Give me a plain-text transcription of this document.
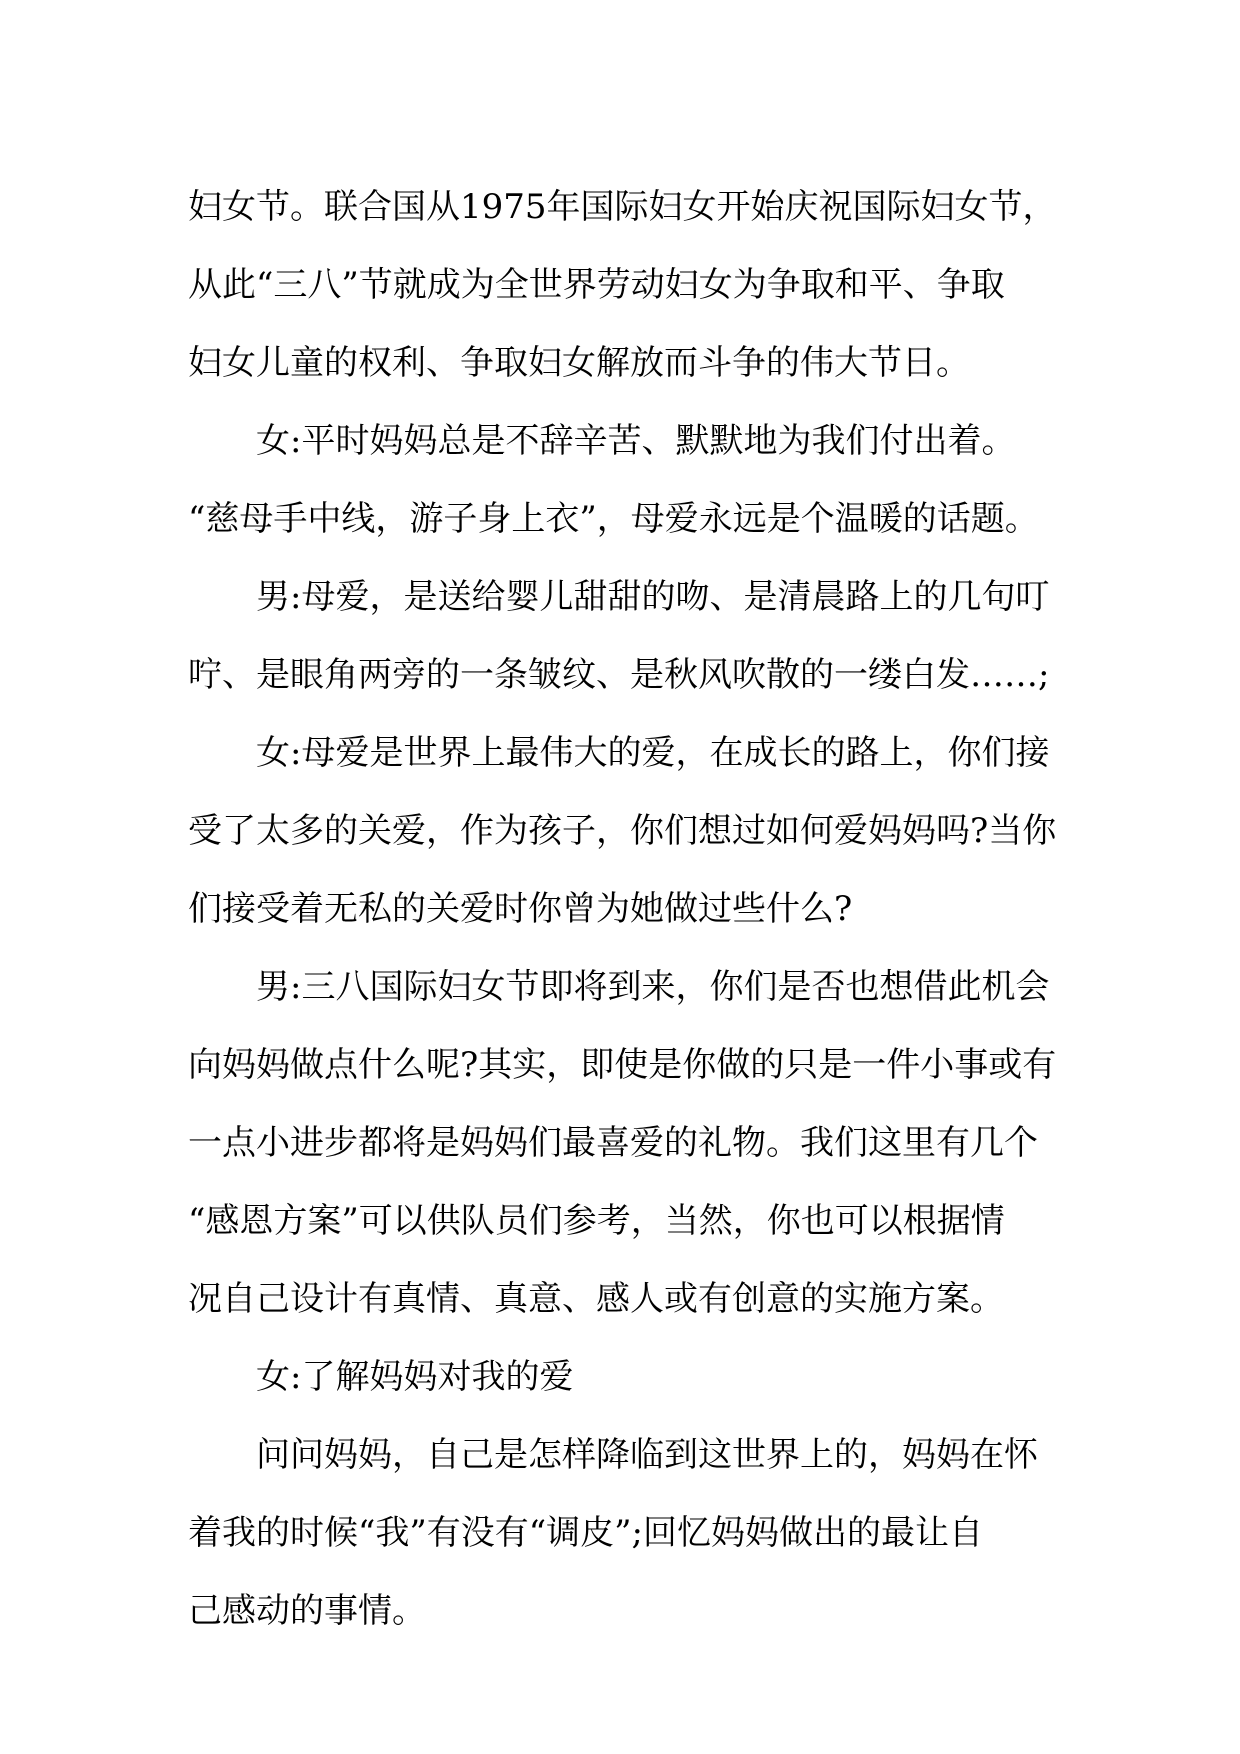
妇女节。联合国从1975年国际妇女开始庆祝国际妇女节，
从此“三八”节就成为全世界劳动妇女为争取和平、争取
妇女儿童的权利、争取妇女解放而斗争的伟大节日。
女:平时妈妈总是不辞辛苦、默默地为我们付出着。
“慈母手中线，游子身上衣”，母爱永远是个温暖的话题。
男:母爱，是送给婴儿甜甜的吻、是清晨路上的几句叮
咛、是眼角两旁的一条皱纹、是秋风吹散的一缕白发……;
女:母爱是世界上最伟大的爱，在成长的路上，你们接
受了太多的关爱，作为孩子，你们想过如何爱妈妈吗?当你
们接受着无私的关爱时你曾为她做过些什么?
男:三八国际妇女节即将到来，你们是否也想借此机会
向妈妈做点什么呢?其实，即使是你做的只是一件小事或有
一点小进步都将是妈妈们最喜爱的礼物。我们这里有几个
“感恩方案”可以供队员们参考，当然，你也可以根据情
况自己设计有真情、真意、感人或有创意的实施方案。
女:了解妈妈对我的爱
问问妈妈，自己是怎样降临到这世界上的，妈妈在怀
着我的时候“我”有没有“调皮”;回忆妈妈做出的最让自
己感动的事情。
